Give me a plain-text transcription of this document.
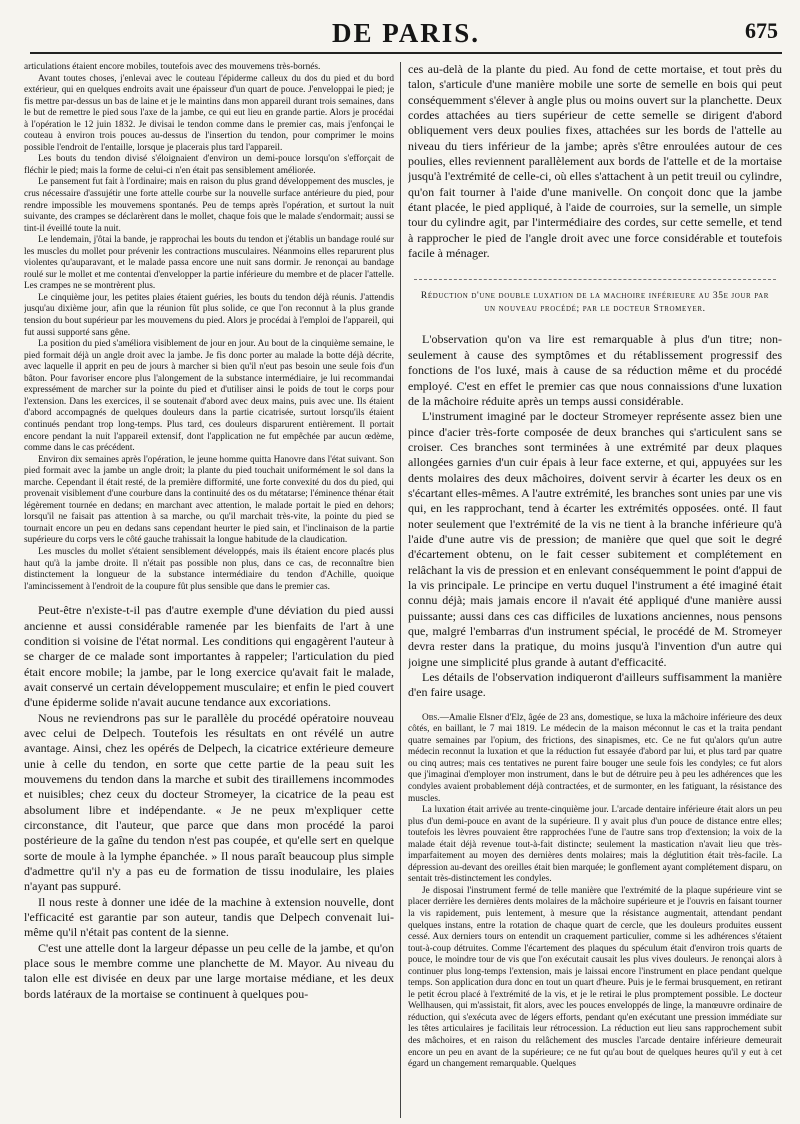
DE PARIS.	675

articulations étaient encore mobiles, toutefois avec des mouvemens très-bornés.

Avant toutes choses, j'enlevai avec le couteau l'épiderme calleux du dos du pied et du bord extérieur, qui en quelques endroits avait une épaisseur d'un quart de pouce. J'enveloppai le pied; je fis mettre par-dessus un bas de laine et je le maintins dans mon appareil durant trois semaines, dans le but de remettre le pied sous l'axe de la jambe, ce qui eut lieu en grande partie. Alors je procédai à l'opération le 12 juin 1832. Je divisai le tendon comme dans le premier cas, mais j'enfonçai le couteau à environ trois pouces au-dessus de l'insertion du tendon, pour comprimer le moins possible l'endroit de l'entaille, lorsque je placerais plus tard l'appareil.

Les bouts du tendon divisé s'éloignaient d'environ un demi-pouce lorsqu'on s'efforçait de fléchir le pied; mais la forme de celui-ci n'en était pas sensiblement améliorée.

Le pansement fut fait à l'ordinaire; mais en raison du plus grand développement des muscles, je crus nécessaire d'assujétir une forte attelle courbe sur la nouvelle surface antérieure du pied, pour rendre impossible les mouvemens spontanés. Peu de temps après l'opération, et surtout la nuit suivante, des crampes se déclarèrent dans le mollet, chaque fois que le malade s'endormait; aussi se tint-il éveillé toute la nuit.

Le lendemain, j'ôtai la bande, je rapprochai les bouts du tendon et j'établis un bandage roulé sur les muscles du mollet pour prévenir les contractions musculaires. Néanmoins elles reparurent plus violentes qu'auparavant, et le malade passa encore une nuit sans dormir. Je renonçai au bandage roulé sur le mollet et me contentai d'envelopper la partie inférieure du membre et de placer l'attelle. Les crampes ne se montrèrent plus.

Le cinquième jour, les petites plaies étaient guéries, les bouts du tendon déjà réunis. J'attendis jusqu'au dixième jour, afin que la réunion fût plus solide, ce que l'on reconnut à la plus grande tension du bout supérieur par les mouvemens du pied. Alors je procédai à l'emploi de l'appareil, qui fut aussi supporté sans gêne.

La position du pied s'améliora visiblement de jour en jour. Au bout de la cinquième semaine, le pied formait déjà un angle droit avec la jambe. Je fis donc porter au malade la botte déjà décrite, avec laquelle il apprit en peu de jours à marcher si bien qu'il n'eut pas besoin une seule fois d'un bâton. Pour favoriser encore plus l'alongement de la substance intermédiaire, je lui recommandai expressément de marcher sur la pointe du pied et d'utiliser ainsi le poids de tout le corps pour l'extension. Dans les exercices, il se soutenait d'abord avec deux mains, puis avec une. Ils étaient d'abord accompagnés de quelques douleurs dans la partie cicatrisée, surtout lorsqu'ils étaient continués pendant trop long-temps. Plus tard, ces douleurs disparurent entièrement. Il portait encore pendant la nuit l'appareil extensif, dont l'application ne fut empêchée par aucun œdème, comme dans le cas précédent.

Environ dix semaines après l'opération, le jeune homme quitta Hanovre dans l'état suivant. Son pied formait avec la jambe un angle droit; la plante du pied touchait uniformément le sol dans la marche. Cependant il était resté, de la première difformité, une forte convexité du dos du pied, qui provenait visiblement d'une courbure dans la continuité des os du métatarse; l'éminence thénar était légèrement tournée en dedans; en marchant avec attention, le malade portait le pied en dehors; lorsqu'il ne faisait pas attention à sa marche, ou qu'il marchait très-vite, la pointe du pied se tournait encore un peu en dedans sans cependant heurter le pied sain, et l'inclinaison de la partie supérieure du corps vers le côté gauche trahissait la longue habitude de la claudication.

Les muscles du mollet s'étaient sensiblement développés, mais ils étaient encore placés plus haut qu'à la jambe droite. Il n'était pas possible non plus, dans ce cas, de reconnaître bien distinctement la longueur de la substance intermédiaire du tendon d'Achille, quoique l'amincissement à l'endroit de la coupure fût plus sensible que dans le premier cas.

Peut-être n'existe-t-il pas d'autre exemple d'une déviation du pied aussi ancienne et aussi considérable ramenée par les bienfaits de l'art à une condition si voisine de l'état normal. Les conditions qui engagèrent l'auteur à se charger de ce malade sont importantes à rappeler; l'articulation du pied était encore mobile; la jambe, par le long exercice qu'avait fait le malade, avait conservé un certain développement musculaire; et enfin le pied couvert d'une épiderme solide n'avait aucune tendance aux excoriations.

Nous ne reviendrons pas sur le parallèle du procédé opératoire nouveau avec celui de Delpech. Toutefois les résultats en ont révélé un autre avantage. Ainsi, chez les opérés de Delpech, la cicatrice extérieure demeure unie à celle du tendon, en sorte que cette partie de la peau suit les mouvemens du tendon dans la marche et subit des tiraillemens incommodes et nuisibles; chez ceux du docteur Stromeyer, la cicatrice de la peau est absolument libre et indépendante. « Je ne peux m'expliquer cette circonstance, dit l'auteur, que parce que dans mon procédé la paroi postérieure de la gaîne du tendon n'est pas coupée, et qu'elle sert en quelque sorte de moule à la lymphe épanchée. » Il nous paraît beaucoup plus simple d'admettre qu'il n'y a pas eu de formation de tissu inodulaire, les plaies n'ayant pas suppuré.

Il nous reste à donner une idée de la machine à extension nouvelle, dont l'efficacité est garantie par son auteur, tandis que Delpech convenait lui-même qu'il n'était pas content de la sienne.

C'est une attelle dont la largeur dépasse un peu celle de la jambe, et qu'on place sous le membre comme une planchette de M. Mayor. Au niveau du talon elle est divisée en deux par une large mortaise médiane, et les deux bords latéraux de la mortaise se continuent à quelques pou-

ces au-delà de la plante du pied. Au fond de cette mortaise, et tout près du talon, s'articule d'une manière mobile une sorte de semelle en bois qui peut conséquemment s'élever à angle plus ou moins ouvert sur la planchette. Deux cordes attachées au tiers supérieur de cette semelle se dirigent d'abord obliquement vers deux poulies fixes, attachées sur les bords de l'attelle au niveau du tiers inférieur de la jambe; après s'être enroulées autour de ces poulies, elles reviennent parallèlement aux bords de l'attelle et de la mortaise jusqu'à l'extrémité de celle-ci, où elles s'attachent à un petit treuil ou cylindre, qu'on fait tourner à l'aide d'une manivelle. On conçoit donc que la jambe étant placée, le pied appliqué, à l'aide de courroies, sur la semelle, un simple tour du cylindre agit, par l'intermédiaire des cordes, sur cette semelle, et tend à rapprocher le pied de l'angle droit avec une force considérable et toutefois facile à ménager.

Réduction d'une double luxation de la machoire inférieure au 35e jour par un nouveau procédé; par le docteur Stromeyer.

L'observation qu'on va lire est remarquable à plus d'un titre; non-seulement à cause des symptômes et du rétablissement progressif des fonctions de l'os luxé, mais à cause de sa réduction même et du procédé employé. C'est en effet le premier cas que nous connaissions d'une luxation de la mâchoire réduite après un temps aussi considérable.

L'instrument imaginé par le docteur Stromeyer représente assez bien une pince d'acier très-forte composée de deux branches qui s'articulent sans se croiser. Ces branches sont terminées à une extrémité par deux plaques allongées garnies d'un cuir épais à leur face externe, et qui, appuyées sur les dents molaires des deux mâchoires, doivent servir à écarter les deux os en s'écartant elles-mêmes. A l'autre extrémité, les branches sont unies par une vis qui, en les rapprochant, tend à écarter les extrémités opposées. onté. Il faut noter seulement que l'extrémité de la vis ne tient à la branche inférieure qu'à l'aide d'une autre vis de pression; de manière que quel que soit le degré d'écartement obtenu, on le fait cesser subitement et complétement en relâchant la vis de pression et en enlevant conséquemment le point d'appui de la vis principale. Le principe en vertu duquel l'instrument a été imaginé était connu déjà; mais jamais encore il n'avait été appliqué d'une manière aussi puissante; aussi dans ces cas difficiles de luxations anciennes, nous pensons que, malgré l'embarras d'un instrument spécial, le procédé de M. Stromeyer devra rester dans la pratique, du moins jusqu'à l'invention d'un autre qui joigne une simplicité plus grande à autant d'efficacité.

Les détails de l'observation indiqueront d'ailleurs suffisamment la manière d'en faire usage.

Obs.—Amalie Elsner d'Elz, âgée de 23 ans, domestique, se luxa la mâchoire inférieure des deux côtés, en baillant, le 7 mai 1819. Le médecin de la maison méconnut le cas et la traita pendant quatre semaines par l'opium, des frictions, des sinapismes, etc. Ce ne fut qu'alors qu'un autre médecin reconnut la luxation et que la réduction fut essayée d'abord par lui, et plus tard par quatre ou cinq autres; mais ces tentatives ne purent faire bouger une seule fois les condyles; ce fut alors que j'imaginai d'employer mon instrument, dans le but de détruire peu à peu les adhérences que les condyles avaient probablement déjà contractées, et de surmonter, en les fatiguant, la résistance des muscles.

La luxation était arrivée au trente-cinquième jour. L'arcade dentaire inférieure était alors un peu plus d'un demi-pouce en avant de la supérieure. Il y avait plus d'un pouce de distance entre elles; toutefois les lèvres pouvaient être rapprochées l'une de l'autre sans trop d'extension; la voix de la malade était déjà revenue tout-à-fait distincte; seulement la mastication n'avait lieu que très-imparfaitement au moyen des dernières dents molaires; mais la déglutition était très-facile. La dépression au-devant des oreilles était bien marquée; le gonflement ayant complétement disparu, on sentait très-distinctement les condyles.

Je disposai l'instrument fermé de telle manière que l'extrémité de la plaque supérieure vint se placer derrière les dernières dents molaires de la mâchoire supérieure et je l'ouvris en faisant tourner la vis rapidement, puis lentement, à mesure que la résistance augmentait, attendant pendant quelques instans, entre la rotation de chaque quart de cercle, que les douleurs produites eussent cessé. Aux derniers tours on entendit un craquement particulier, comme si les adhérences s'étaient tout-à-coup détruites. Comme l'écartement des plaques du spéculum était d'environ trois quarts de pouce, le moindre tour de vis que l'on exécutait causait les plus vives douleurs. Je renonçai alors à continuer plus long-temps l'extension, mais je laissai encore l'instrument en place pendant quelque temps. Son application dura donc en tout un quart d'heure. Puis je le fermai brusquement, en retirant le petit écrou placé à l'extrémité de la vis, et je le retirai le plus promptement possible. Le docteur Wellhausen, qui m'assistait, fit alors, avec les pouces enveloppés de linge, la manœuvre ordinaire de réduction, qui s'exécuta avec de légers efforts, pendant qu'en exécutant une pression immédiate sur les têtes articulaires je facilitais leur rétrocession. La réduction eut lieu sans rapprochement subit des mâchoires, et en raison du relâchement des muscles l'arcade dentaire inférieure demeurait encore un peu en avant de la supérieure; ce ne fut qu'au bout de quelques heures qu'il y eut à cet égard un changement remarquable. Quelques
